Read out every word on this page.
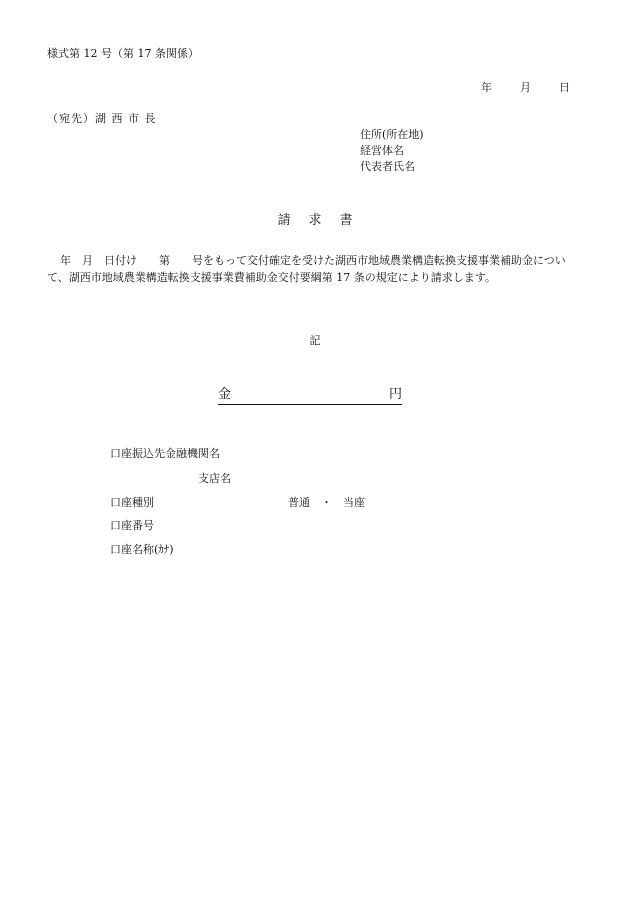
様式第 12 号（第 17 条関係）
年	月	日
（宛先）湖 西 市 長
住所(所在地)
経営体名
代表者氏名
請求書
年　月　日付け　　第　　号をもって交付確定を受けた湖西市地域農業構造転換支援事業補助金について、湖西市地域農業構造転換支援事業費補助金交付要綱第 17 条の規定により請求します。
記
金	円
口座振込先金融機関名
支店名
口座種別	普通　・　当座
口座番号
口座名称(ｶﾅ)
